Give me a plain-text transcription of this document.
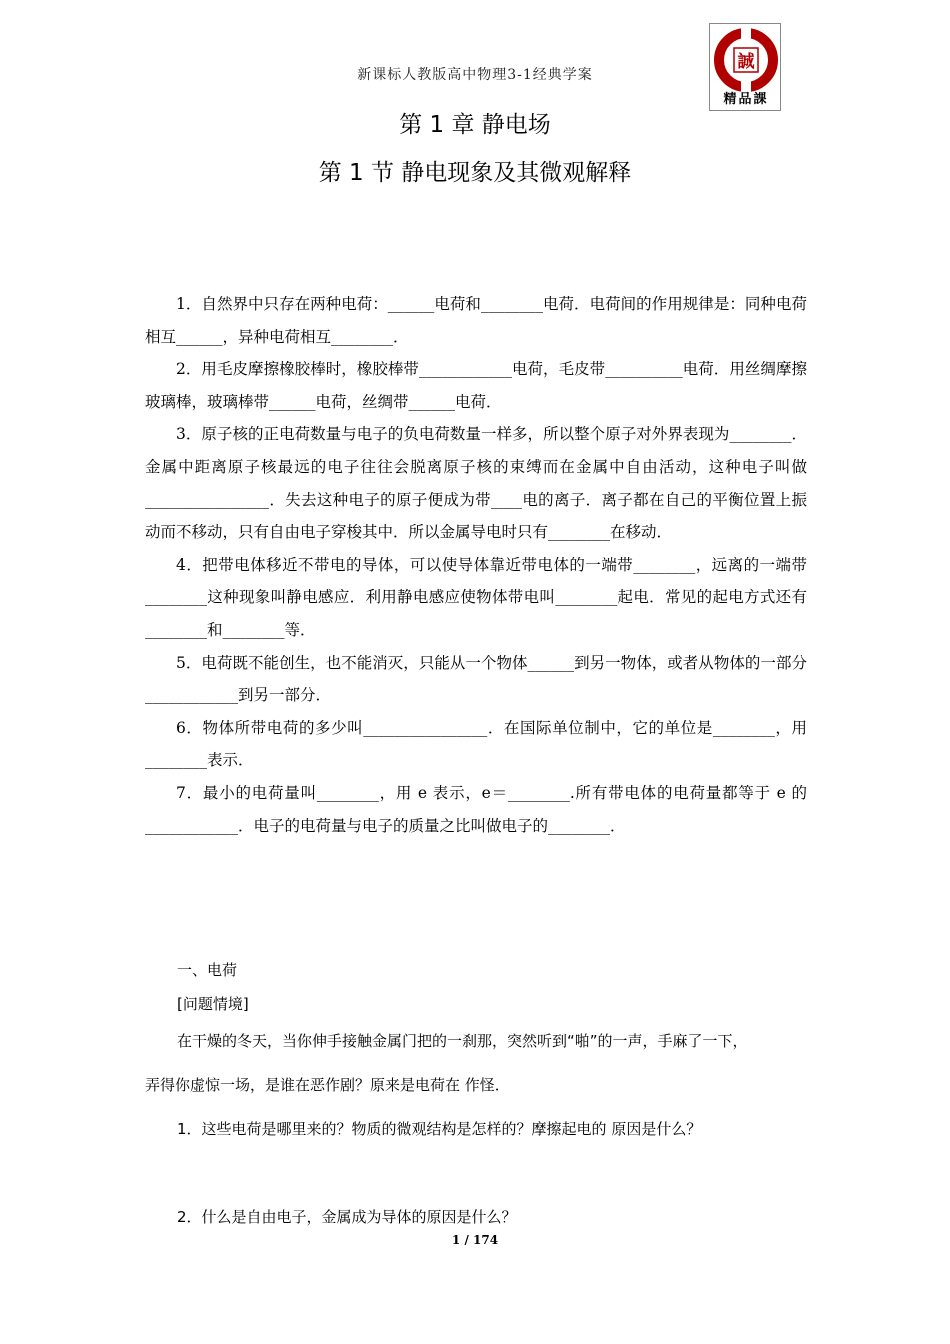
新课标人教版高中物理3-1经典学案
誠
精品課
第 1 章 静电场
第 1 节 静电现象及其微观解释

1．自然界中只存在两种电荷：______电荷和________电荷．电荷间的作用规律是：同种电荷相互______，异种电荷相互________．

2．用毛皮摩擦橡胶棒时，橡胶棒带____________电荷，毛皮带__________电荷．用丝绸摩擦玻璃棒，玻璃棒带______电荷，丝绸带______电荷．

3．原子核的正电荷数量与电子的负电荷数量一样多，所以整个原子对外界表现为________．金属中距离原子核最远的电子往往会脱离原子核的束缚而在金属中自由活动，这种电子叫做________________．失去这种电子的原子便成为带____电的离子．离子都在自己的平衡位置上振动而不移动，只有自由电子穿梭其中．所以金属导电时只有________在移动．

4．把带电体移近不带电的导体，可以使导体靠近带电体的一端带________，远离的一端带________这种现象叫静电感应．利用静电感应使物体带电叫________起电．常见的起电方式还有________和________等．

5．电荷既不能创生，也不能消灭，只能从一个物体______到另一物体，或者从物体的一部分____________到另一部分．

6．物体所带电荷的多少叫________________．在国际单位制中，它的单位是________，用________表示．

7．最小的电荷量叫________，用 e 表示，e＝________.所有带电体的电荷量都等于 e 的____________．电子的电荷量与电子的质量之比叫做电子的________．

一、电荷
[问题情境]
在干燥的冬天，当你伸手接触金属门把的一刹那，突然听到“啪”的一声，手麻了一下，
弄得你虚惊一场，是谁在恶作剧？原来是电荷在 作怪．
1．这些电荷是哪里来的？物质的微观结构是怎样的？摩擦起电的 原因是什么？
2．什么是自由电子，金属成为导体的原因是什么？
1 / 174
